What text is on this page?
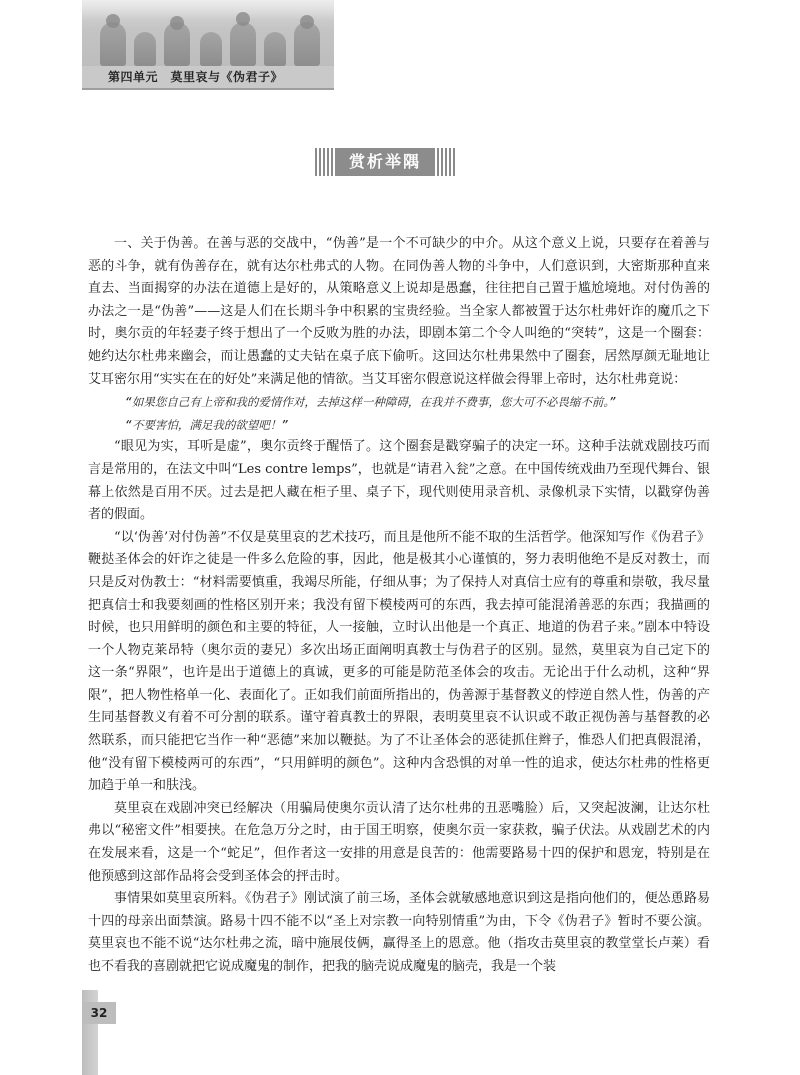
第四单元　莫里哀与《伪君子》
赏析举隅

一、关于伪善。在善与恶的交战中，“伪善”是一个不可缺少的中介。从这个意义上说，只要存在着善与恶的斗争，就有伪善存在，就有达尔杜弗式的人物。在同伪善人物的斗争中，人们意识到，大密斯那种直来直去、当面揭穿的办法在道德上是好的，从策略意义上说却是愚蠢，往往把自己置于尴尬境地。对付伪善的办法之一是“伪善”——这是人们在长期斗争中积累的宝贵经验。当全家人都被置于达尔杜弗奸诈的魔爪之下时，奥尔贡的年轻妻子终于想出了一个反败为胜的办法，即剧本第二个令人叫绝的“突转”，这是一个圈套：她约达尔杜弗来幽会，而让愚蠢的丈夫钻在桌子底下偷听。这回达尔杜弗果然中了圈套，居然厚颜无耻地让艾耳密尔用“实实在在的好处”来满足他的情欲。当艾耳密尔假意说这样做会得罪上帝时，达尔杜弗竟说：

“如果您自己有上帝和我的爱情作对，去掉这样一种障碍，在我并不费事，您大可不必畏缩不前。”

“不要害怕，满足我的欲望吧！”

“眼见为实，耳听是虚”，奥尔贡终于醒悟了。这个圈套是戳穿骗子的决定一环。这种手法就戏剧技巧而言是常用的，在法文中叫“Les contre lemps”，也就是“请君入瓮”之意。在中国传统戏曲乃至现代舞台、银幕上依然是百用不厌。过去是把人藏在柜子里、桌子下，现代则使用录音机、录像机录下实情，以戳穿伪善者的假面。

“以‘伪善’对付伪善”不仅是莫里哀的艺术技巧，而且是他所不能不取的生活哲学。他深知写作《伪君子》鞭挞圣体会的奸诈之徒是一件多么危险的事，因此，他是极其小心谨慎的，努力表明他绝不是反对教士，而只是反对伪教士：“材料需要慎重，我竭尽所能，仔细从事；为了保持人对真信士应有的尊重和崇敬，我尽量把真信士和我要刻画的性格区别开来；我没有留下模棱两可的东西，我去掉可能混淆善恶的东西；我描画的时候，也只用鲜明的颜色和主要的特征，人一接触，立时认出他是一个真正、地道的伪君子来。”剧本中特设一个人物克莱昂特（奥尔贡的妻兄）多次出场正面阐明真教士与伪君子的区别。显然，莫里哀为自己定下的这一条“界限”，也许是出于道德上的真诚，更多的可能是防范圣体会的攻击。无论出于什么动机，这种“界限”，把人物性格单一化、表面化了。正如我们前面所指出的，伪善源于基督教义的悖逆自然人性，伪善的产生同基督教义有着不可分割的联系。谨守着真教士的界限，表明莫里哀不认识或不敢正视伪善与基督教的必然联系，而只能把它当作一种“恶德”来加以鞭挞。为了不让圣体会的恶徒抓住辫子，惟恐人们把真假混淆，他“没有留下模棱两可的东西”，“只用鲜明的颜色”。这种内含恐惧的对单一性的追求，使达尔杜弗的性格更加趋于单一和肤浅。

莫里哀在戏剧冲突已经解决（用骗局使奥尔贡认清了达尔杜弗的丑恶嘴脸）后，又突起波澜，让达尔杜弗以“秘密文件”相要挟。在危急万分之时，由于国王明察，使奥尔贡一家获救，骗子伏法。从戏剧艺术的内在发展来看，这是一个“蛇足”，但作者这一安排的用意是良苦的：他需要路易十四的保护和恩宠，特别是在他预感到这部作品将会受到圣体会的抨击时。

事情果如莫里哀所料。《伪君子》刚试演了前三场，圣体会就敏感地意识到这是指向他们的，便怂恿路易十四的母亲出面禁演。路易十四不能不以“圣上对宗教一向特别情重”为由，下令《伪君子》暂时不要公演。莫里哀也不能不说“达尔杜弗之流，暗中施展伎俩，赢得圣上的恩意。他（指攻击莫里哀的教堂堂长卢莱）看也不看我的喜剧就把它说成魔鬼的制作，把我的脑壳说成魔鬼的脑壳，我是一个装

32
